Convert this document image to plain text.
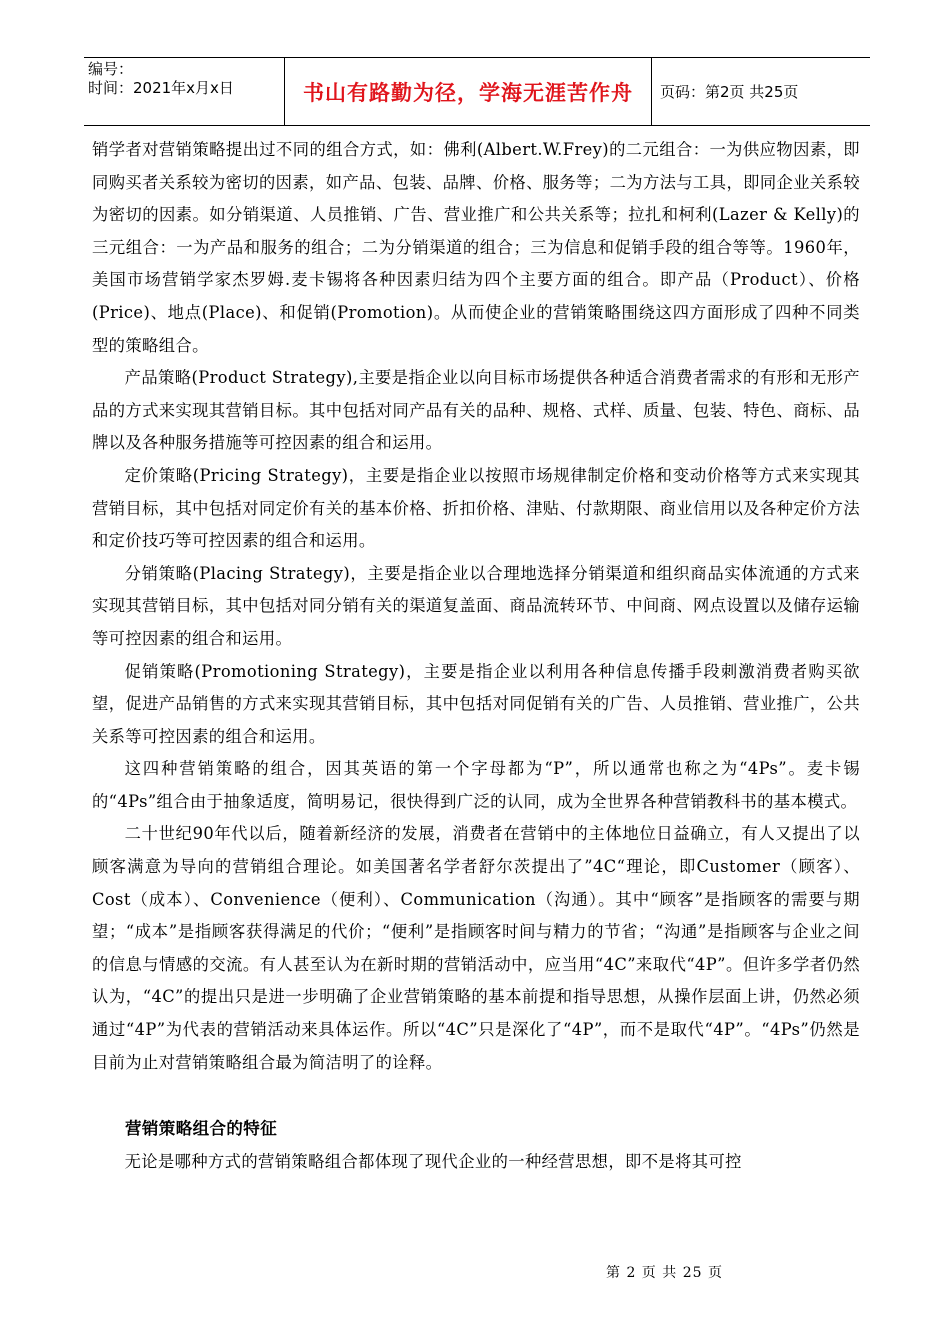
编号：
时间：2021年x月x日	书山有路勤为径，学海无涯苦作舟	页码：第2页 共25页

销学者对营销策略提出过不同的组合方式，如：佛利(Albert.W.Frey)的二元组合：一为供应物因素，即同购买者关系较为密切的因素，如产品、包装、品牌、价格、服务等；二为方法与工具，即同企业关系较为密切的因素。如分销渠道、人员推销、广告、营业推广和公共关系等；拉扎和柯利(Lazer & Kelly)的三元组合：一为产品和服务的组合；二为分销渠道的组合；三为信息和促销手段的组合等等。1960年，美国市场营销学家杰罗姆.麦卡锡将各种因素归结为四个主要方面的组合。即产品（Product）、价格(Price)、地点(Place)、和促销(Promotion)。从而使企业的营销策略围绕这四方面形成了四种不同类型的策略组合。

产品策略(Product Strategy),主要是指企业以向目标市场提供各种适合消费者需求的有形和无形产品的方式来实现其营销目标。其中包括对同产品有关的品种、规格、式样、质量、包装、特色、商标、品牌以及各种服务措施等可控因素的组合和运用。

定价策略(Pricing Strategy)，主要是指企业以按照市场规律制定价格和变动价格等方式来实现其营销目标，其中包括对同定价有关的基本价格、折扣价格、津贴、付款期限、商业信用以及各种定价方法和定价技巧等可控因素的组合和运用。

分销策略(Placing Strategy)，主要是指企业以合理地选择分销渠道和组织商品实体流通的方式来实现其营销目标，其中包括对同分销有关的渠道复盖面、商品流转环节、中间商、网点设置以及储存运输等可控因素的组合和运用。

促销策略(Promotioning Strategy)，主要是指企业以利用各种信息传播手段刺激消费者购买欲望，促进产品销售的方式来实现其营销目标，其中包括对同促销有关的广告、人员推销、营业推广，公共关系等可控因素的组合和运用。

这四种营销策略的组合，因其英语的第一个字母都为“P”，所以通常也称之为“4Ps”。麦卡锡的“4Ps”组合由于抽象适度，简明易记，很快得到广泛的认同，成为全世界各种营销教科书的基本模式。

二十世纪90年代以后，随着新经济的发展，消费者在营销中的主体地位日益确立，有人又提出了以顾客满意为导向的营销组合理论。如美国著名学者舒尔茨提出了”4C“理论，即Customer（顾客）、Cost（成本）、Convenience（便利）、Communication（沟通）。其中“顾客”是指顾客的需要与期望；“成本”是指顾客获得满足的代价；“便利”是指顾客时间与精力的节省；“沟通”是指顾客与企业之间的信息与情感的交流。有人甚至认为在新时期的营销活动中，应当用“4C”来取代“4P”。但许多学者仍然认为，“4C”的提出只是进一步明确了企业营销策略的基本前提和指导思想，从操作层面上讲，仍然必须通过“4P”为代表的营销活动来具体运作。所以“4C”只是深化了“4P”，而不是取代“4P”。“4Ps”仍然是目前为止对营销策略组合最为简洁明了的诠释。

营销策略组合的特征

无论是哪种方式的营销策略组合都体现了现代企业的一种经营思想，即不是将其可控

第 2 页 共 25 页
